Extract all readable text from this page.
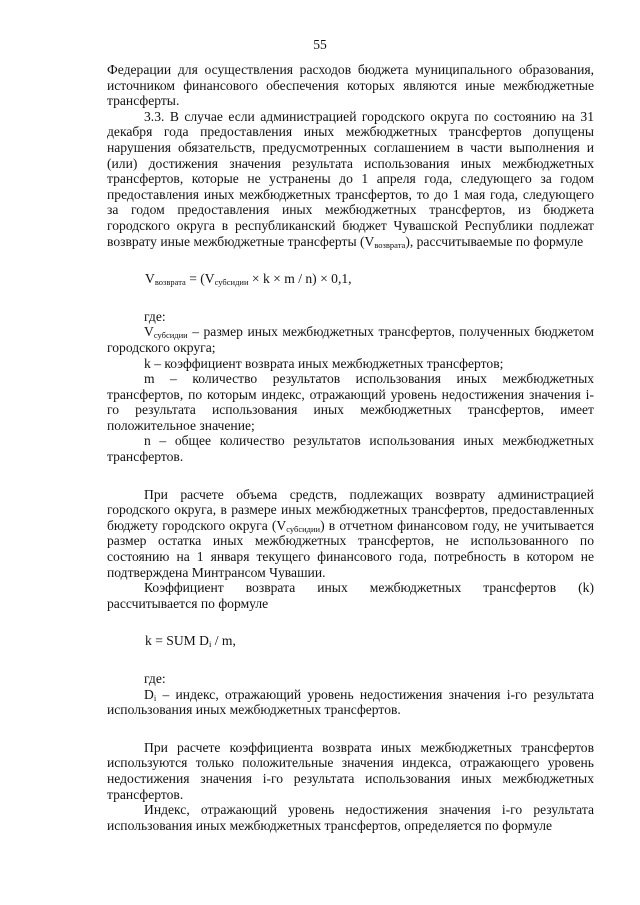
55

Федерации для осуществления расходов бюджета муниципального образования, источником финансового обеспечения которых являются иные межбюджетные трансферты.

3.3. В случае если администрацией городского округа по состоянию на 31 декабря года предоставления иных межбюджетных трансфертов допущены нарушения обязательств, предусмотренных соглашением в части выполнения и (или) достижения значения результата использования иных межбюджетных трансфертов, которые не устранены до 1 апреля года, следующего за годом предоставления иных межбюджетных трансфертов, то до 1 мая года, следующего за годом предоставления иных межбюджетных трансфертов, из бюджета городского округа в республиканский бюджет Чувашской Республики подлежат возврату иные межбюджетные трансферты $(V_{возврата})$, рассчитываемые по формуле

$V_{возврата} = (V_{субсидии} \times k \times m / n) \times 0,1$,

где:

$V_{субсидии}$ – размер иных межбюджетных трансфертов, полученных бюджетом городского округа;

k – коэффициент возврата иных межбюджетных трансфертов;

m – количество результатов использования иных межбюджетных трансфертов, по которым индекс, отражающий уровень недостижения значения i-го результата использования иных межбюджетных трансфертов, имеет положительное значение;

n – общее количество результатов использования иных межбюджетных трансфертов.

При расчете объема средств, подлежащих возврату администрацией городского округа, в размере иных межбюджетных трансфертов, предоставленных бюджету городского округа $(V_{субсидии})$ в отчетном финансовом году, не учитывается размер остатка иных межбюджетных трансфертов, не использованного по состоянию на 1 января текущего финансового года, потребность в котором не подтверждена Минтрансом Чувашии.

Коэффициент возврата иных межбюджетных трансфертов (k) рассчитывается по формуле

k = SUM $D_i$ / m,

где:

$D_i$ – индекс, отражающий уровень недостижения значения i-го результата использования иных межбюджетных трансфертов.

При расчете коэффициента возврата иных межбюджетных трансфертов используются только положительные значения индекса, отражающего уровень недостижения значения i-го результата использования иных межбюджетных трансфертов.

Индекс, отражающий уровень недостижения значения i-го результата использования иных межбюджетных трансфертов, определяется по формуле
